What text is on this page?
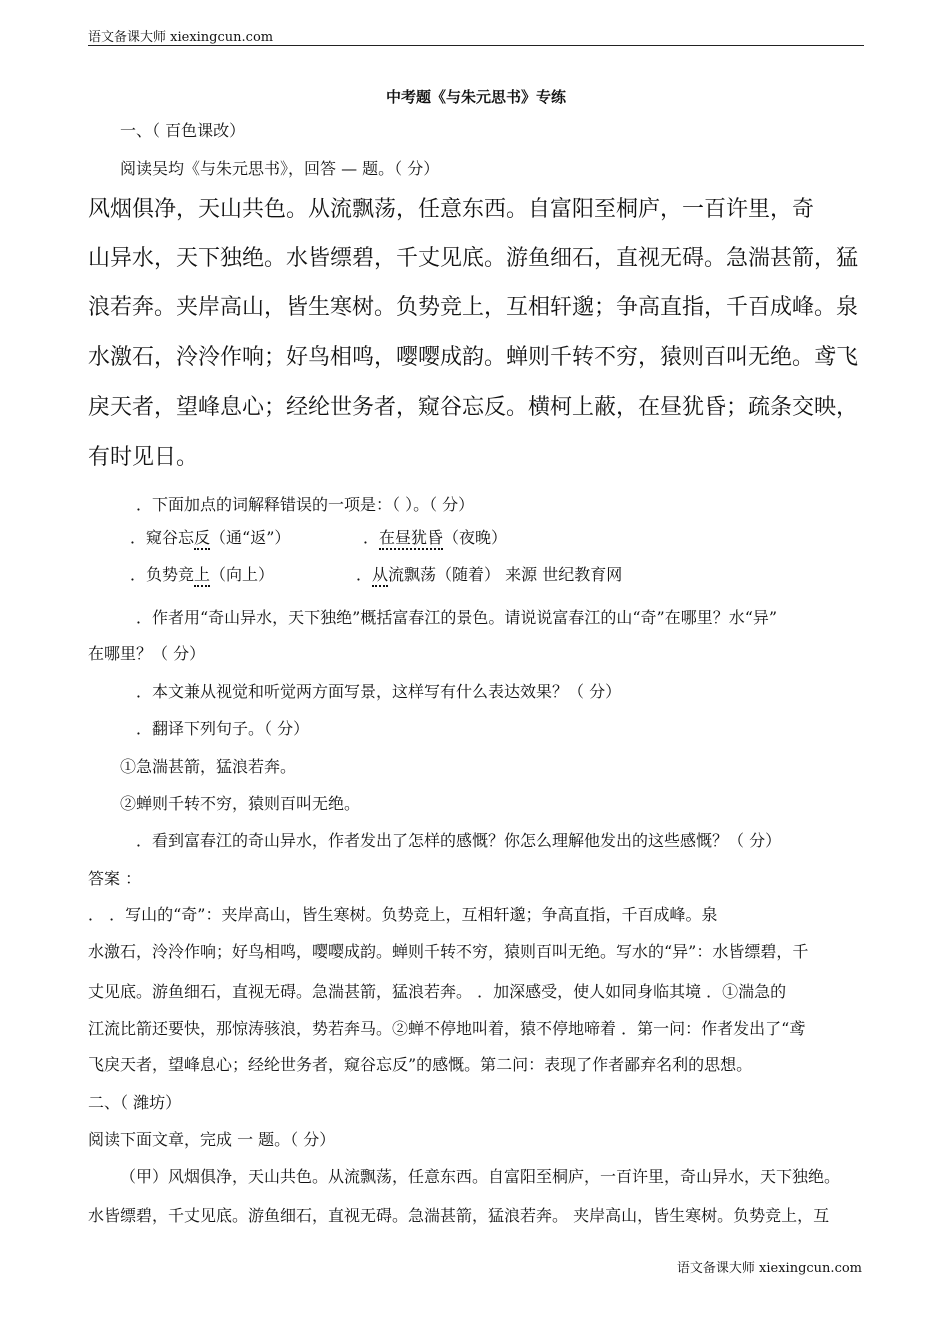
语文备课大师 xiexingcun.com
中考题《与朱元思书》专练
一、（ 百色课改）
阅读吴均《与朱元思书》，回答 — 题。（ 分）
风烟俱净，天山共色。从流飘荡，任意东西。自富阳至桐庐，一百许里，奇
山异水，天下独绝。水皆缥碧，千丈见底。游鱼细石，直视无碍。急湍甚箭，猛
浪若奔。夹岸高山，皆生寒树。负势竞上，互相轩邈；争高直指，千百成峰。泉
水激石，泠泠作响；好鸟相鸣，嘤嘤成韵。蝉则千转不穷，猿则百叫无绝。鸢飞
戾天者，望峰息心；经纶世务者，窥谷忘反。横柯上蔽，在昼犹昏；疏条交映，
有时见日。
．下面加点的词解释错误的一项是：（ ）。（ 分）
．窥谷忘反（通“返”）	．在昼犹昏（夜晚）
．负势竞上（向上）	．从流飘荡（随着） 来源 世纪教育网
．作者用“奇山异水，天下独绝”概括富春江的景色。请说说富春江的山“奇”在哪里？水“异”
在哪里？（ 分）
．本文兼从视觉和听觉两方面写景，这样写有什么表达效果？（ 分）
．翻译下列句子。（ 分）
①急湍甚箭，猛浪若奔。
②蝉则千转不穷，猿则百叫无绝。
．看到富春江的奇山异水，作者发出了怎样的感慨？你怎么理解他发出的这些感慨？（ 分）
答案 ：
． ．写山的“奇”：夹岸高山，皆生寒树。负势竞上，互相轩邈；争高直指，千百成峰。泉
水激石，泠泠作响；好鸟相鸣，嘤嘤成韵。蝉则千转不穷，猿则百叫无绝。写水的“异”：水皆缥碧，千
丈见底。游鱼细石，直视无碍。急湍甚箭，猛浪若奔。 ．加深感受，使人如同身临其境 ．①湍急的
江流比箭还要快，那惊涛骇浪，势若奔马。②蝉不停地叫着，猿不停地啼着 ．第一问：作者发出了“鸢
飞戾天者，望峰息心；经纶世务者，窥谷忘反”的感慨。第二问：表现了作者鄙弃名利的思想。
二、（ 潍坊）
阅读下面文章，完成 一 题。（ 分）
（甲）风烟俱净，天山共色。从流飘荡，任意东西。自富阳至桐庐，一百许里，奇山异水，天下独绝。
水皆缥碧，千丈见底。游鱼细石，直视无碍。急湍甚箭，猛浪若奔。 夹岸高山，皆生寒树。负势竞上，互
语文备课大师 xiexingcun.com
